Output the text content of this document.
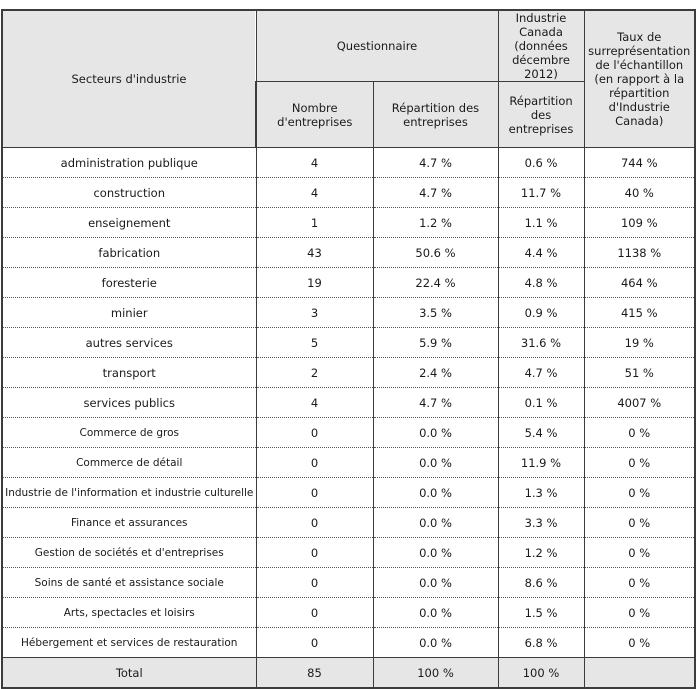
Secteurs d'industrie	Questionnaire		Industrie Canada (données décembre 2012)	Taux de surreprésentation de l'échantillon (en rapport à la répartition d'Industrie Canada)
	Nombre d'entreprises	Répartition des entreprises	Répartition des entreprises	
administration publique	4	4.7 %	0.6 %	744 %
construction	4	4.7 %	11.7 %	40 %
enseignement	1	1.2 %	1.1 %	109 %
fabrication	43	50.6 %	4.4 %	1138 %
foresterie	19	22.4 %	4.8 %	464 %
minier	3	3.5 %	0.9 %	415 %
autres services	5	5.9 %	31.6 %	19 %
transport	2	2.4 %	4.7 %	51 %
services publics	4	4.7 %	0.1 %	4007 %
Commerce de gros	0	0.0 %	5.4 %	0 %
Commerce de détail	0	0.0 %	11.9 %	0 %
Industrie de l'information et industrie culturelle	0	0.0 %	1.3 %	0 %
Finance et assurances	0	0.0 %	3.3 %	0 %
Gestion de sociétés et d'entreprises	0	0.0 %	1.2 %	0 %
Soins de santé et assistance sociale	0	0.0 %	8.6 %	0 %
Arts, spectacles et loisirs	0	0.0 %	1.5 %	0 %
Hébergement et services de restauration	0	0.0 %	6.8 %	0 %
Total	85	100 %	100 %	
